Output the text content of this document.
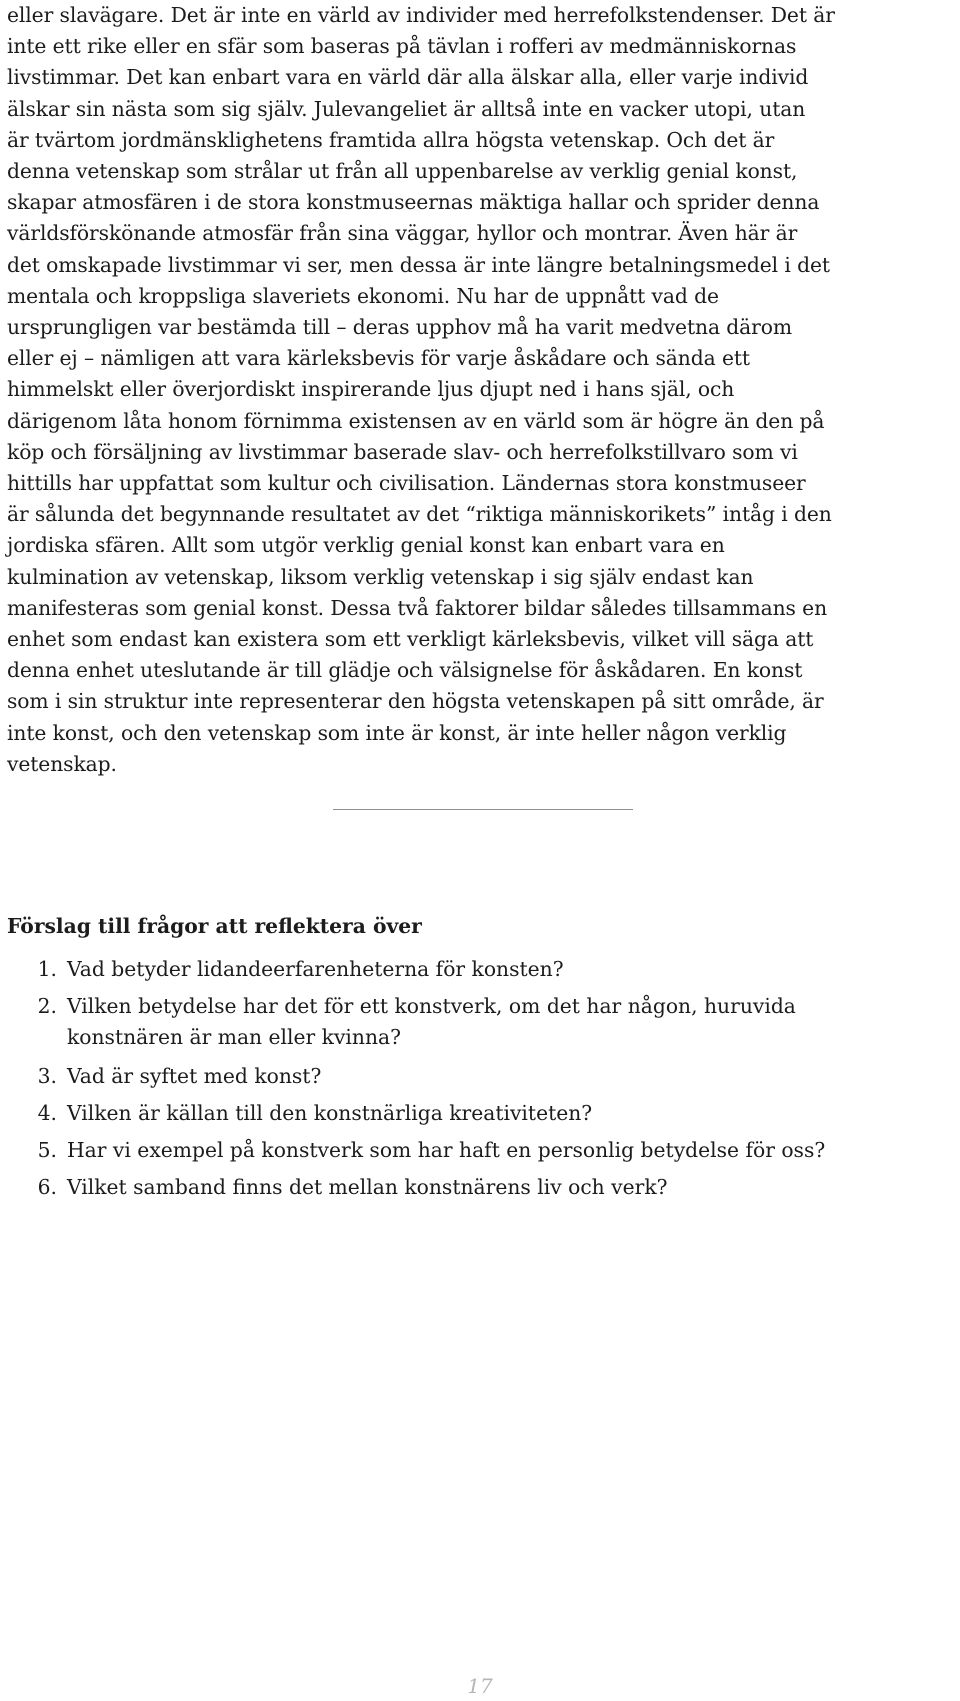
eller slavägare. Det är inte en värld av individer med herrefolkstendenser. Det är
inte ett rike eller en sfär som baseras på tävlan i rofferi av medmänniskornas
livstimmar. Det kan enbart vara en värld där alla älskar alla, eller varje individ
älskar sin nästa som sig själv. Julevangeliet är alltså inte en vacker utopi, utan
är tvärtom jordmänsklighetens framtida allra högsta vetenskap. Och det är
denna vetenskap som strålar ut från all uppenbarelse av verklig genial konst,
skapar atmosfären i de stora konstmuseernas mäktiga hallar och sprider denna
världsförskönande atmosfär från sina väggar, hyllor och montrar. Även här är
det omskapade livstimmar vi ser, men dessa är inte längre betalningsmedel i det
mentala och kroppsliga slaveriets ekonomi. Nu har de uppnått vad de
ursprungligen var bestämda till – deras upphov må ha varit medvetna därom
eller ej – nämligen att vara kärleksbevis för varje åskådare och sända ett
himmelskt eller överjordiskt inspirerande ljus djupt ned i hans själ, och
därigenom låta honom förnimma existensen av en värld som är högre än den på
köp och försäljning av livstimmar baserade slav- och herrefolkstillvaro som vi
hittills har uppfattat som kultur och civilisation. Ländernas stora konstmuseer
är sålunda det begynnande resultatet av det “riktiga människorikets” intåg i den
jordiska sfären. Allt som utgör verklig genial konst kan enbart vara en
kulmination av vetenskap, liksom verklig vetenskap i sig själv endast kan
manifesteras som genial konst. Dessa två faktorer bildar således tillsammans en
enhet som endast kan existera som ett verkligt kärleksbevis, vilket vill säga att
denna enhet uteslutande är till glädje och välsignelse för åskådaren. En konst
som i sin struktur inte representerar den högsta vetenskapen på sitt område, är
inte konst, och den vetenskap som inte är konst, är inte heller någon verklig
vetenskap.

Förslag till frågor att reflektera över
1. Vad betyder lidandeerfarenheterna för konsten?
2. Vilken betydelse har det för ett konstverk, om det har någon, huruvida
konstnären är man eller kvinna?
3. Vad är syftet med konst?
4. Vilken är källan till den konstnärliga kreativiteten?
5. Har vi exempel på konstverk som har haft en personlig betydelse för oss?
6. Vilket samband finns det mellan konstnärens liv och verk?
17
